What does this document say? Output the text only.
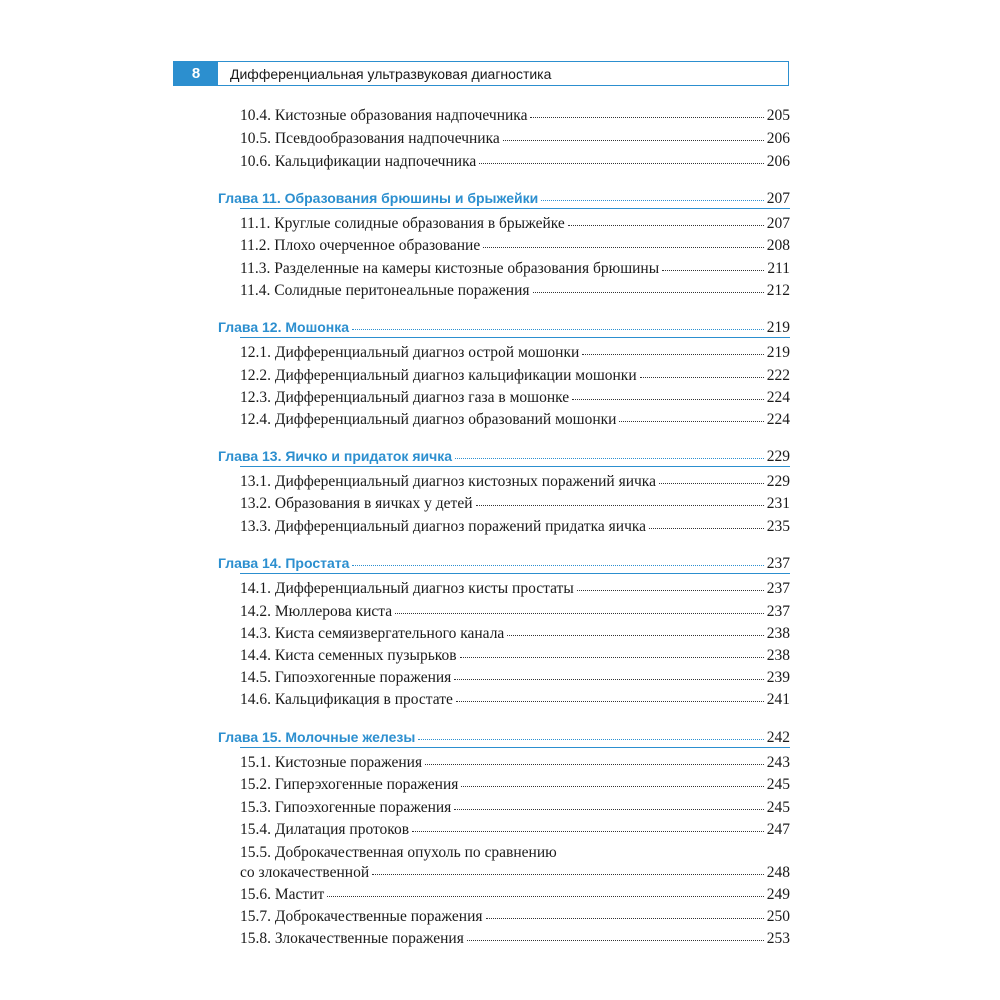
8	Дифференциальная ультразвуковая диагностика
10.4. Кистозные образования надпочечника	205
10.5. Псевдообразования надпочечника	206
10.6. Кальцификации надпочечника	206
Глава 11. Образования брюшины и брыжейки	207
11.1. Круглые солидные образования в брыжейке	207
11.2. Плохо очерченное образование	208
11.3. Разделенные на камеры кистозные образования брюшины	211
11.4. Солидные перитонеальные поражения	212
Глава 12. Мошонка	219
12.1. Дифференциальный диагноз острой мошонки	219
12.2. Дифференциальный диагноз кальцификации мошонки	222
12.3. Дифференциальный диагноз газа в мошонке	224
12.4. Дифференциальный диагноз образований мошонки	224
Глава 13. Яичко и придаток яичка	229
13.1. Дифференциальный диагноз кистозных поражений яичка	229
13.2. Образования в яичках у детей	231
13.3. Дифференциальный диагноз поражений придатка яичка	235
Глава 14. Простата	237
14.1. Дифференциальный диагноз кисты простаты	237
14.2. Мюллерова киста	237
14.3. Киста семяизвергательного канала	238
14.4. Киста семенных пузырьков	238
14.5. Гипоэхогенные поражения	239
14.6. Кальцификация в простате	241
Глава 15. Молочные железы	242
15.1. Кистозные поражения	243
15.2. Гиперэхогенные поражения	245
15.3. Гипоэхогенные поражения	245
15.4. Дилатация протоков	247
15.5. Доброкачественная опухоль по сравнению
со злокачественной	248
15.6. Мастит	249
15.7. Доброкачественные поражения	250
15.8. Злокачественные поражения	253
